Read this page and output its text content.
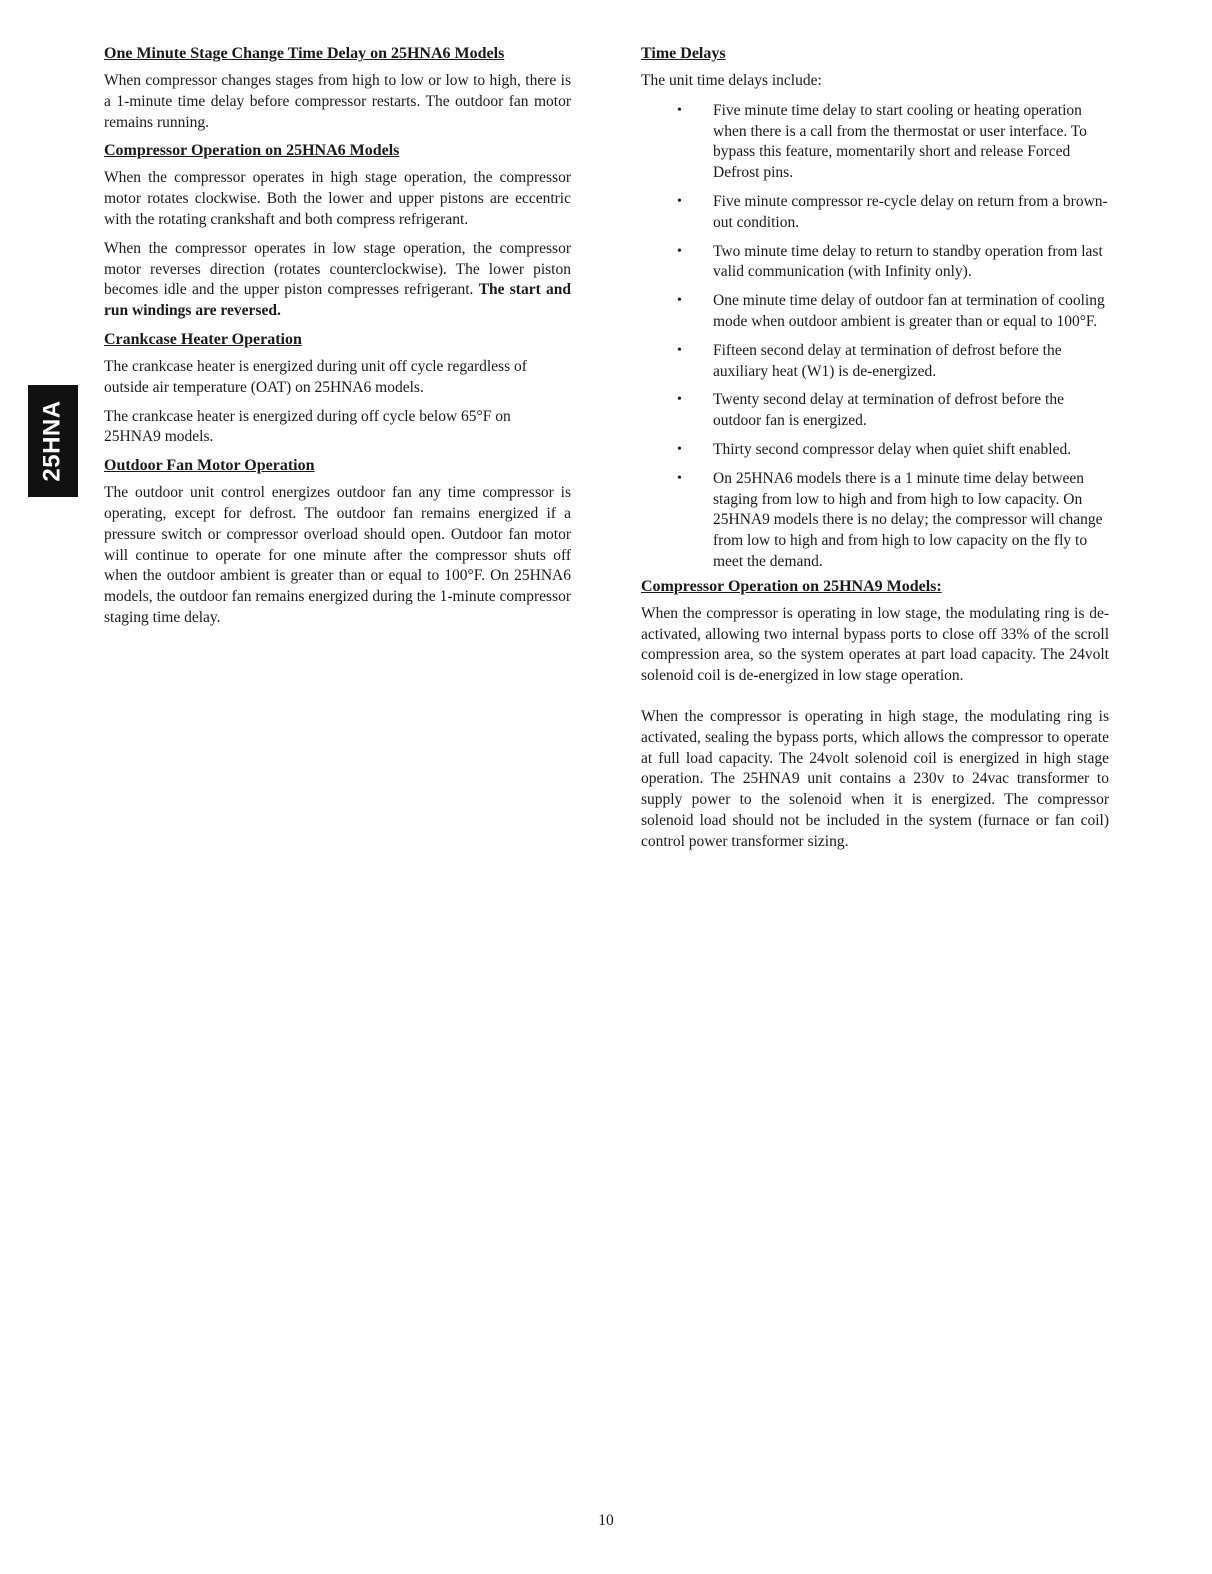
25HNA
One Minute Stage Change Time Delay on 25HNA6 Models

When compressor changes stages from high to low or low to high, there is a 1-minute time delay before compressor restarts. The outdoor fan motor remains running.

Compressor Operation on 25HNA6 Models

When the compressor operates in high stage operation, the compressor motor rotates clockwise. Both the lower and upper pistons are eccentric with the rotating crankshaft and both compress refrigerant.

When the compressor operates in low stage operation, the compressor motor reverses direction (rotates counterclockwise). The lower piston becomes idle and the upper piston compresses refrigerant. The start and run windings are reversed.

Crankcase Heater Operation

The crankcase heater is energized during unit off cycle regardless of outside air temperature (OAT) on 25HNA6 models.

The crankcase heater is energized during off cycle below 65°F on 25HNA9 models.

Outdoor Fan Motor Operation

The outdoor unit control energizes outdoor fan any time compressor is operating, except for defrost. The outdoor fan remains energized if a pressure switch or compressor overload should open. Outdoor fan motor will continue to operate for one minute after the compressor shuts off when the outdoor ambient is greater than or equal to 100°F. On 25HNA6 models, the outdoor fan remains energized during the 1-minute compressor staging time delay.

Time Delays

The unit time delays include:

• Five minute time delay to start cooling or heating operation when there is a call from the thermostat or user interface. To bypass this feature, momentarily short and release Forced Defrost pins.
• Five minute compressor re-cycle delay on return from a brown-out condition.
• Two minute time delay to return to standby operation from last valid communication (with Infinity only).
• One minute time delay of outdoor fan at termination of cooling mode when outdoor ambient is greater than or equal to 100°F.
• Fifteen second delay at termination of defrost before the auxiliary heat (W1) is de-energized.
• Twenty second delay at termination of defrost before the outdoor fan is energized.
• Thirty second compressor delay when quiet shift enabled.
• On 25HNA6 models there is a 1 minute time delay between staging from low to high and from high to low capacity. On 25HNA9 models there is no delay; the compressor will change from low to high and from high to low capacity on the fly to meet the demand.
Compressor Operation on 25HNA9 Models:

When the compressor is operating in low stage, the modulating ring is de-activated, allowing two internal bypass ports to close off 33% of the scroll compression area, so the system operates at part load capacity. The 24volt solenoid coil is de-energized in low stage operation.

When the compressor is operating in high stage, the modulating ring is activated, sealing the bypass ports, which allows the compressor to operate at full load capacity. The 24volt solenoid coil is energized in high stage operation. The 25HNA9 unit contains a 230v to 24vac transformer to supply power to the solenoid when it is energized. The compressor solenoid load should not be included in the system (furnace or fan coil) control power transformer sizing.

10
